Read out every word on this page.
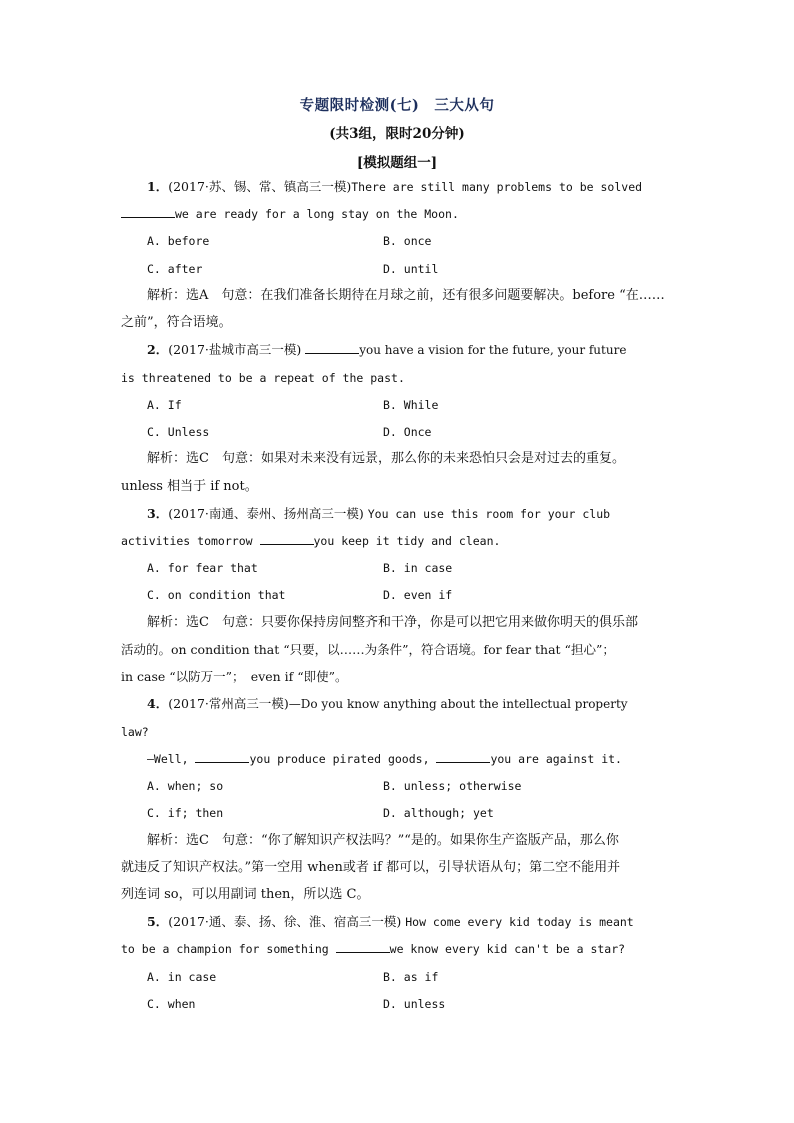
专题限时检测(七)　三大从句
(共3组，限时20分钟)
[模拟题组一]
1．(2017·苏、锡、常、镇高三一模)There are still many problems to be solved
we are ready for a long stay on the Moon.
A. before	B. once
C. after	D. until
解析：选A　句意：在我们准备长期待在月球之前，还有很多问题要解决。before “在……
之前”，符合语境。
2．(2017·盐城市高三一模)	you have a vision for the future, your future
is threatened to be a repeat of the past.
A. If	B. While
C. Unless	D. Once
解析：选C　句意：如果对未来没有远景，那么你的未来恐怕只会是对过去的重复。
unless 相当于 if not。
3．(2017·南通、泰州、扬州高三一模) You can use this room for your club
activities tomorrow	you keep it tidy and clean.
A. for fear that	B. in case
C. on condition that	D. even if
解析：选C　句意：只要你保持房间整齐和干净，你是可以把它用来做你明天的俱乐部
活动的。on condition that “只要，以……为条件”，符合语境。for fear that “担心”；
in case “以防万一”；　even if “即使”。
4．(2017·常州高三一模)—Do you know anything about the intellectual property
law?
—Well,	you produce pirated goods,	you are against it.
A. when; so	B. unless; otherwise
C. if; then	D. although; yet
解析：选C　句意：“你了解知识产权法吗？”“是的。如果你生产盗版产品，那么你
就违反了知识产权法。”第一空用 when或者 if 都可以，引导状语从句；第二空不能用并
列连词 so，可以用副词 then，所以选 C。
5．(2017·通、泰、扬、徐、淮、宿高三一模) How come every kid today is meant
to be a champion for something	we know every kid can't be a star?
A. in case	B. as if
C. when	D. unless
